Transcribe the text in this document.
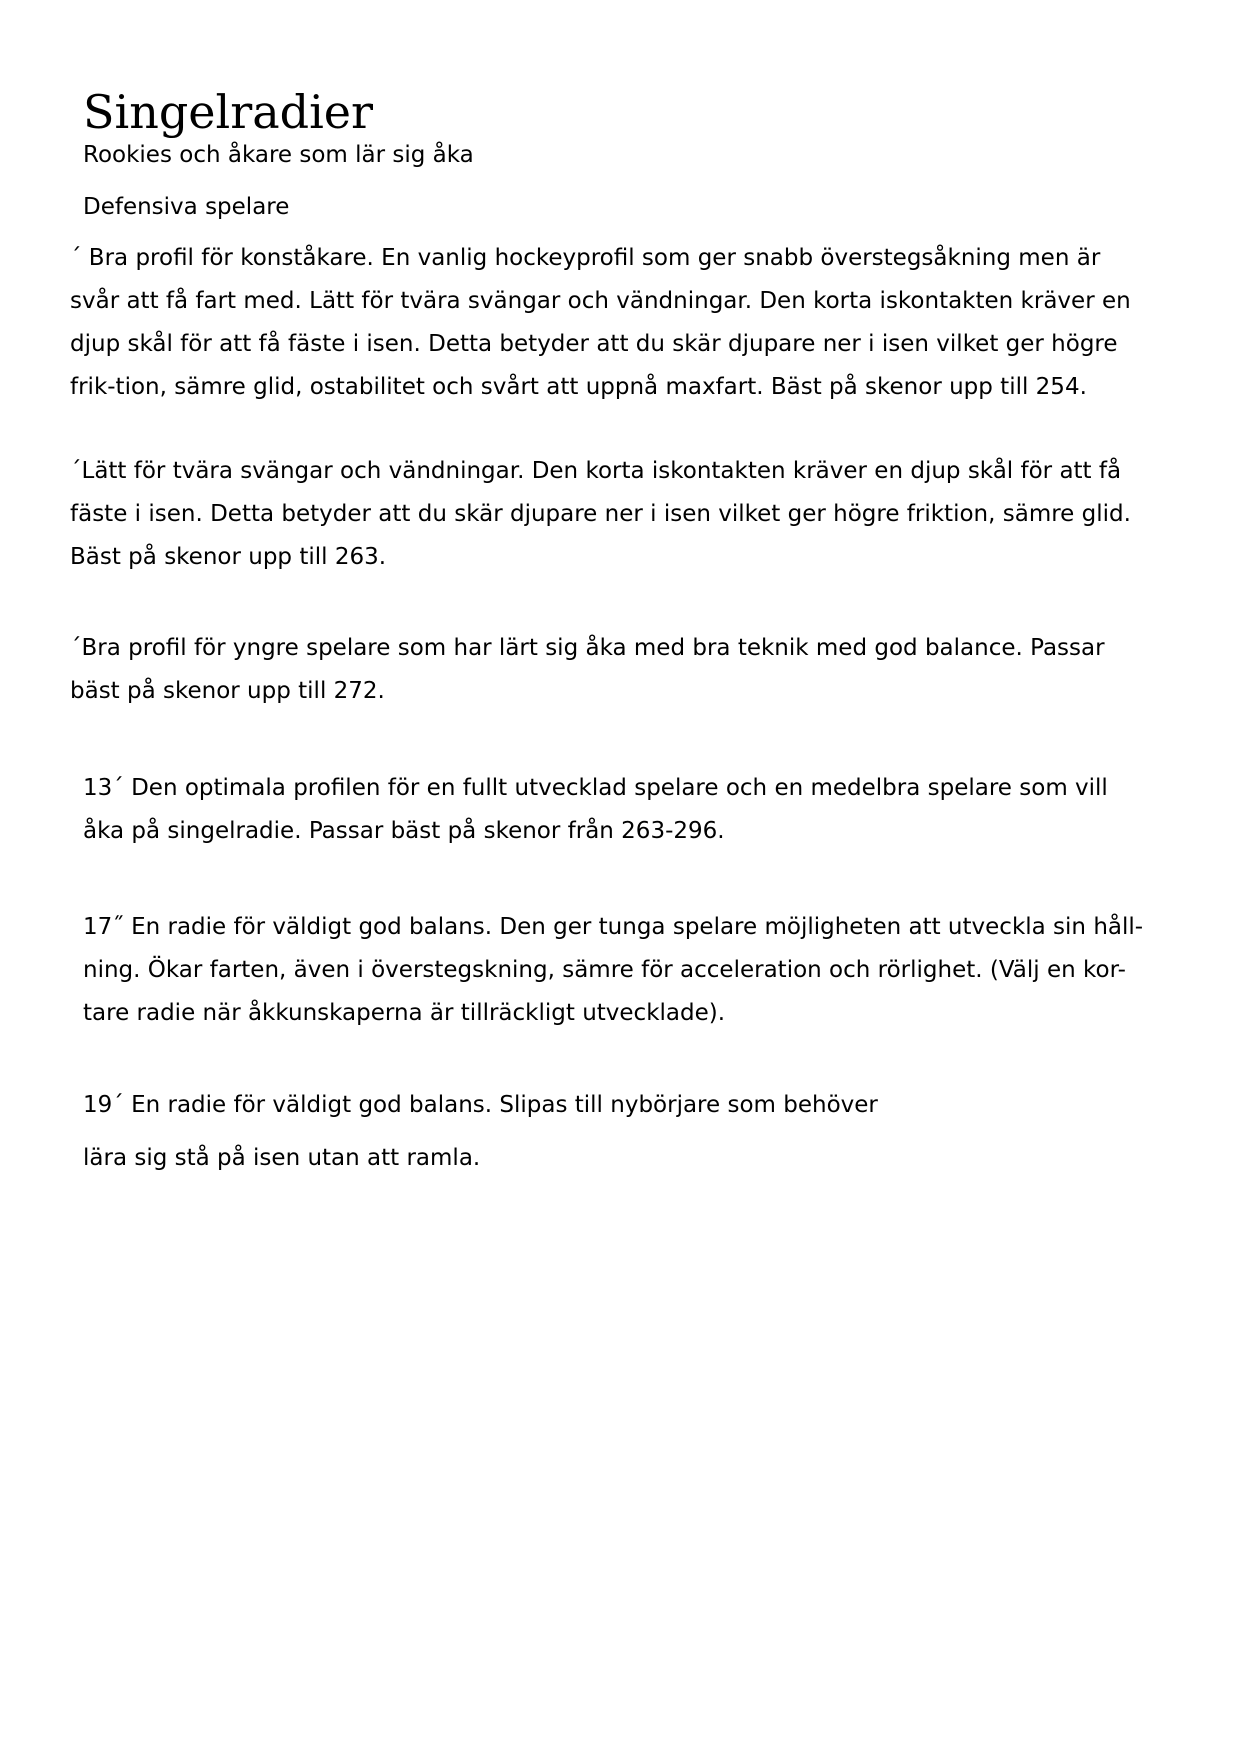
Singelradier

Rookies och åkare som lär sig åka

Defensiva spelare

´ Bra profil för konståkare. En vanlig hockeyprofil som ger snabb överstegsåkning men är
svår att få fart med. Lätt för tvära svängar och vändningar. Den korta iskontakten kräver en
djup skål för att få fäste i isen. Detta betyder att du skär djupare ner i isen vilket ger högre
frik-tion, sämre glid, ostabilitet och svårt att uppnå maxfart. Bäst på skenor upp till 254.

´Lätt för tvära svängar och vändningar. Den korta iskontakten kräver en djup skål för att få
fäste i isen. Detta betyder att du skär djupare ner i isen vilket ger högre friktion, sämre glid.
Bäst på skenor upp till 263.

´Bra profil för yngre spelare som har lärt sig åka med bra teknik med god balance. Passar
bäst på skenor upp till 272.

13´ Den optimala profilen för en fullt utvecklad spelare och en medelbra spelare som vill
åka på singelradie. Passar bäst på skenor från 263-296.

17˝ En radie för väldigt god balans. Den ger tunga spelare möjligheten att utveckla sin håll-
ning. Ökar farten, även i överstegskning, sämre för acceleration och rörlighet. (Välj en kor-
tare radie när åkkunskaperna är tillräckligt utvecklade).

19´ En radie för väldigt god balans. Slipas till nybörjare som behöver

lära sig stå på isen utan att ramla.
